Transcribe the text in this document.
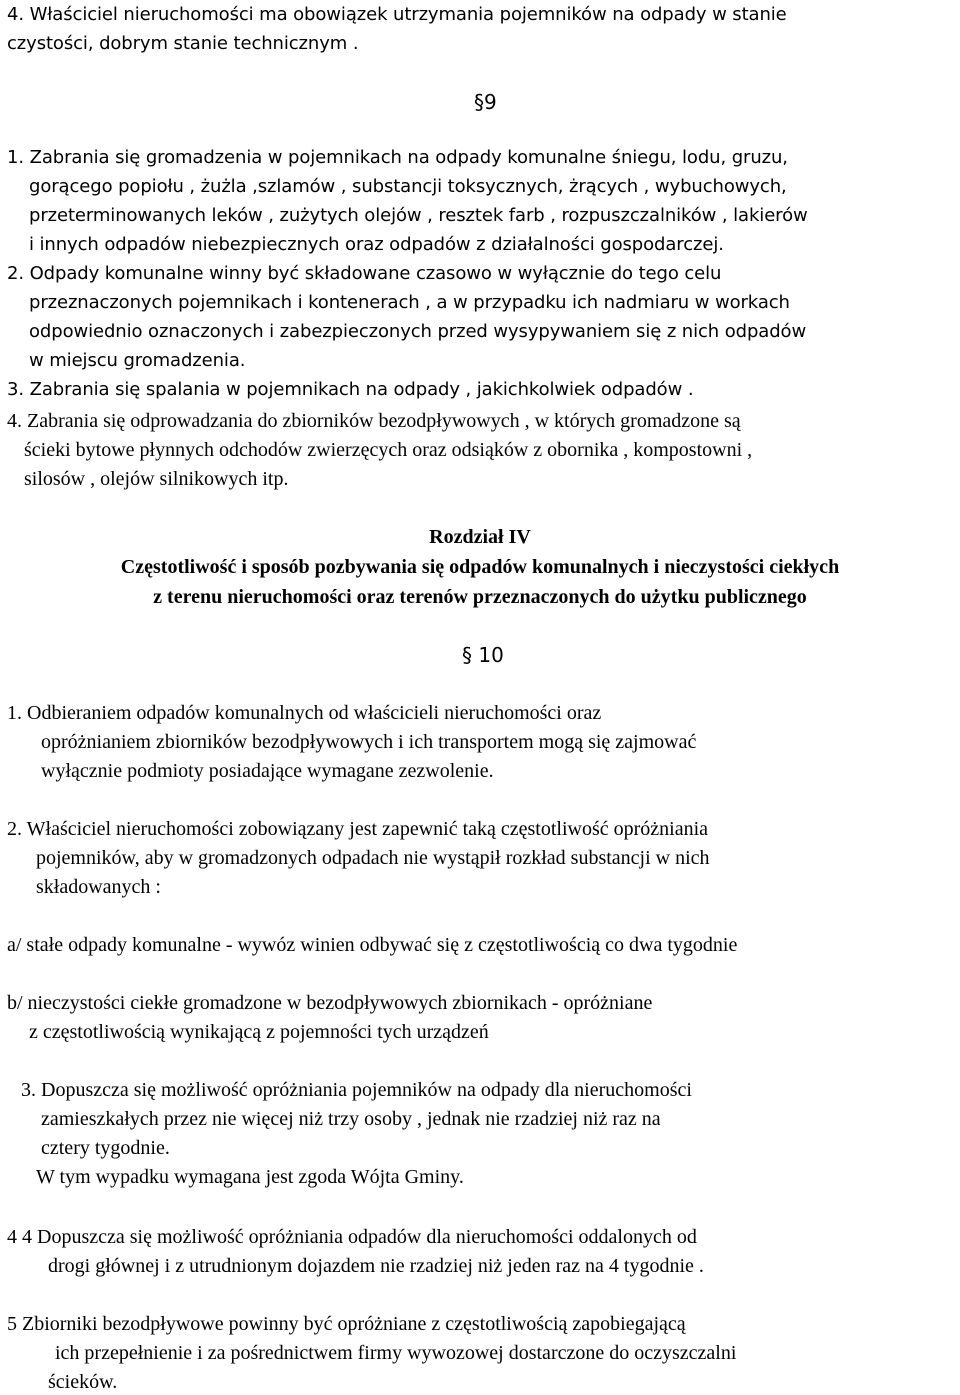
4. Właściciel nieruchomości ma obowiązek utrzymania pojemników na odpady w stanie
czystości, dobrym stanie technicznym .
§9
1. Zabrania się gromadzenia w pojemnikach na odpady komunalne śniegu, lodu, gruzu,
gorącego popiołu , żużla ,szlamów , substancji toksycznych, żrących , wybuchowych,
przeterminowanych leków , zużytych olejów , resztek farb , rozpuszczalników , lakierów
i innych odpadów niebezpiecznych oraz odpadów z działalności gospodarczej.
2. Odpady komunalne winny być składowane czasowo w wyłącznie do tego celu
przeznaczonych pojemnikach i kontenerach , a w przypadku ich nadmiaru w workach
odpowiednio oznaczonych i zabezpieczonych przed wysypywaniem się z nich odpadów
w miejscu gromadzenia.
3. Zabrania się spalania w pojemnikach na odpady , jakichkolwiek odpadów .
4. Zabrania się odprowadzania do zbiorników bezodpływowych , w których gromadzone są
ścieki bytowe płynnych odchodów zwierzęcych oraz odsiąków z obornika , kompostowni ,
silosów , olejów silnikowych itp.
Rozdział IV
Częstotliwość i sposób pozbywania się odpadów komunalnych i nieczystości ciekłych
z terenu nieruchomości oraz terenów przeznaczonych do użytku publicznego
§ 10
1. Odbieraniem odpadów komunalnych od właścicieli nieruchomości oraz
opróżnianiem zbiorników bezodpływowych i ich transportem mogą się zajmować
wyłącznie podmioty posiadające wymagane zezwolenie.
2. Właściciel nieruchomości zobowiązany jest zapewnić taką częstotliwość opróżniania
pojemników, aby w gromadzonych odpadach nie wystąpił rozkład substancji w nich
składowanych :
a/ stałe odpady komunalne - wywóz winien odbywać się z częstotliwością co dwa tygodnie
b/ nieczystości ciekłe gromadzone w bezodpływowych zbiornikach - opróżniane
z częstotliwością wynikającą z pojemności tych urządzeń
3. Dopuszcza się możliwość opróżniania pojemników na odpady dla nieruchomości
zamieszkałych przez nie więcej niż trzy osoby , jednak nie rzadziej niż raz na
cztery tygodnie.
W tym wypadku wymagana jest zgoda Wójta Gminy.
4 4 Dopuszcza się możliwość opróżniania odpadów dla nieruchomości oddalonych od
drogi głównej i z utrudnionym dojazdem nie rzadziej niż jeden raz na 4 tygodnie .
5 Zbiorniki bezodpływowe powinny być opróżniane z częstotliwością zapobiegającą
ich przepełnienie i za pośrednictwem firmy wywozowej dostarczone do oczyszczalni
ścieków.
